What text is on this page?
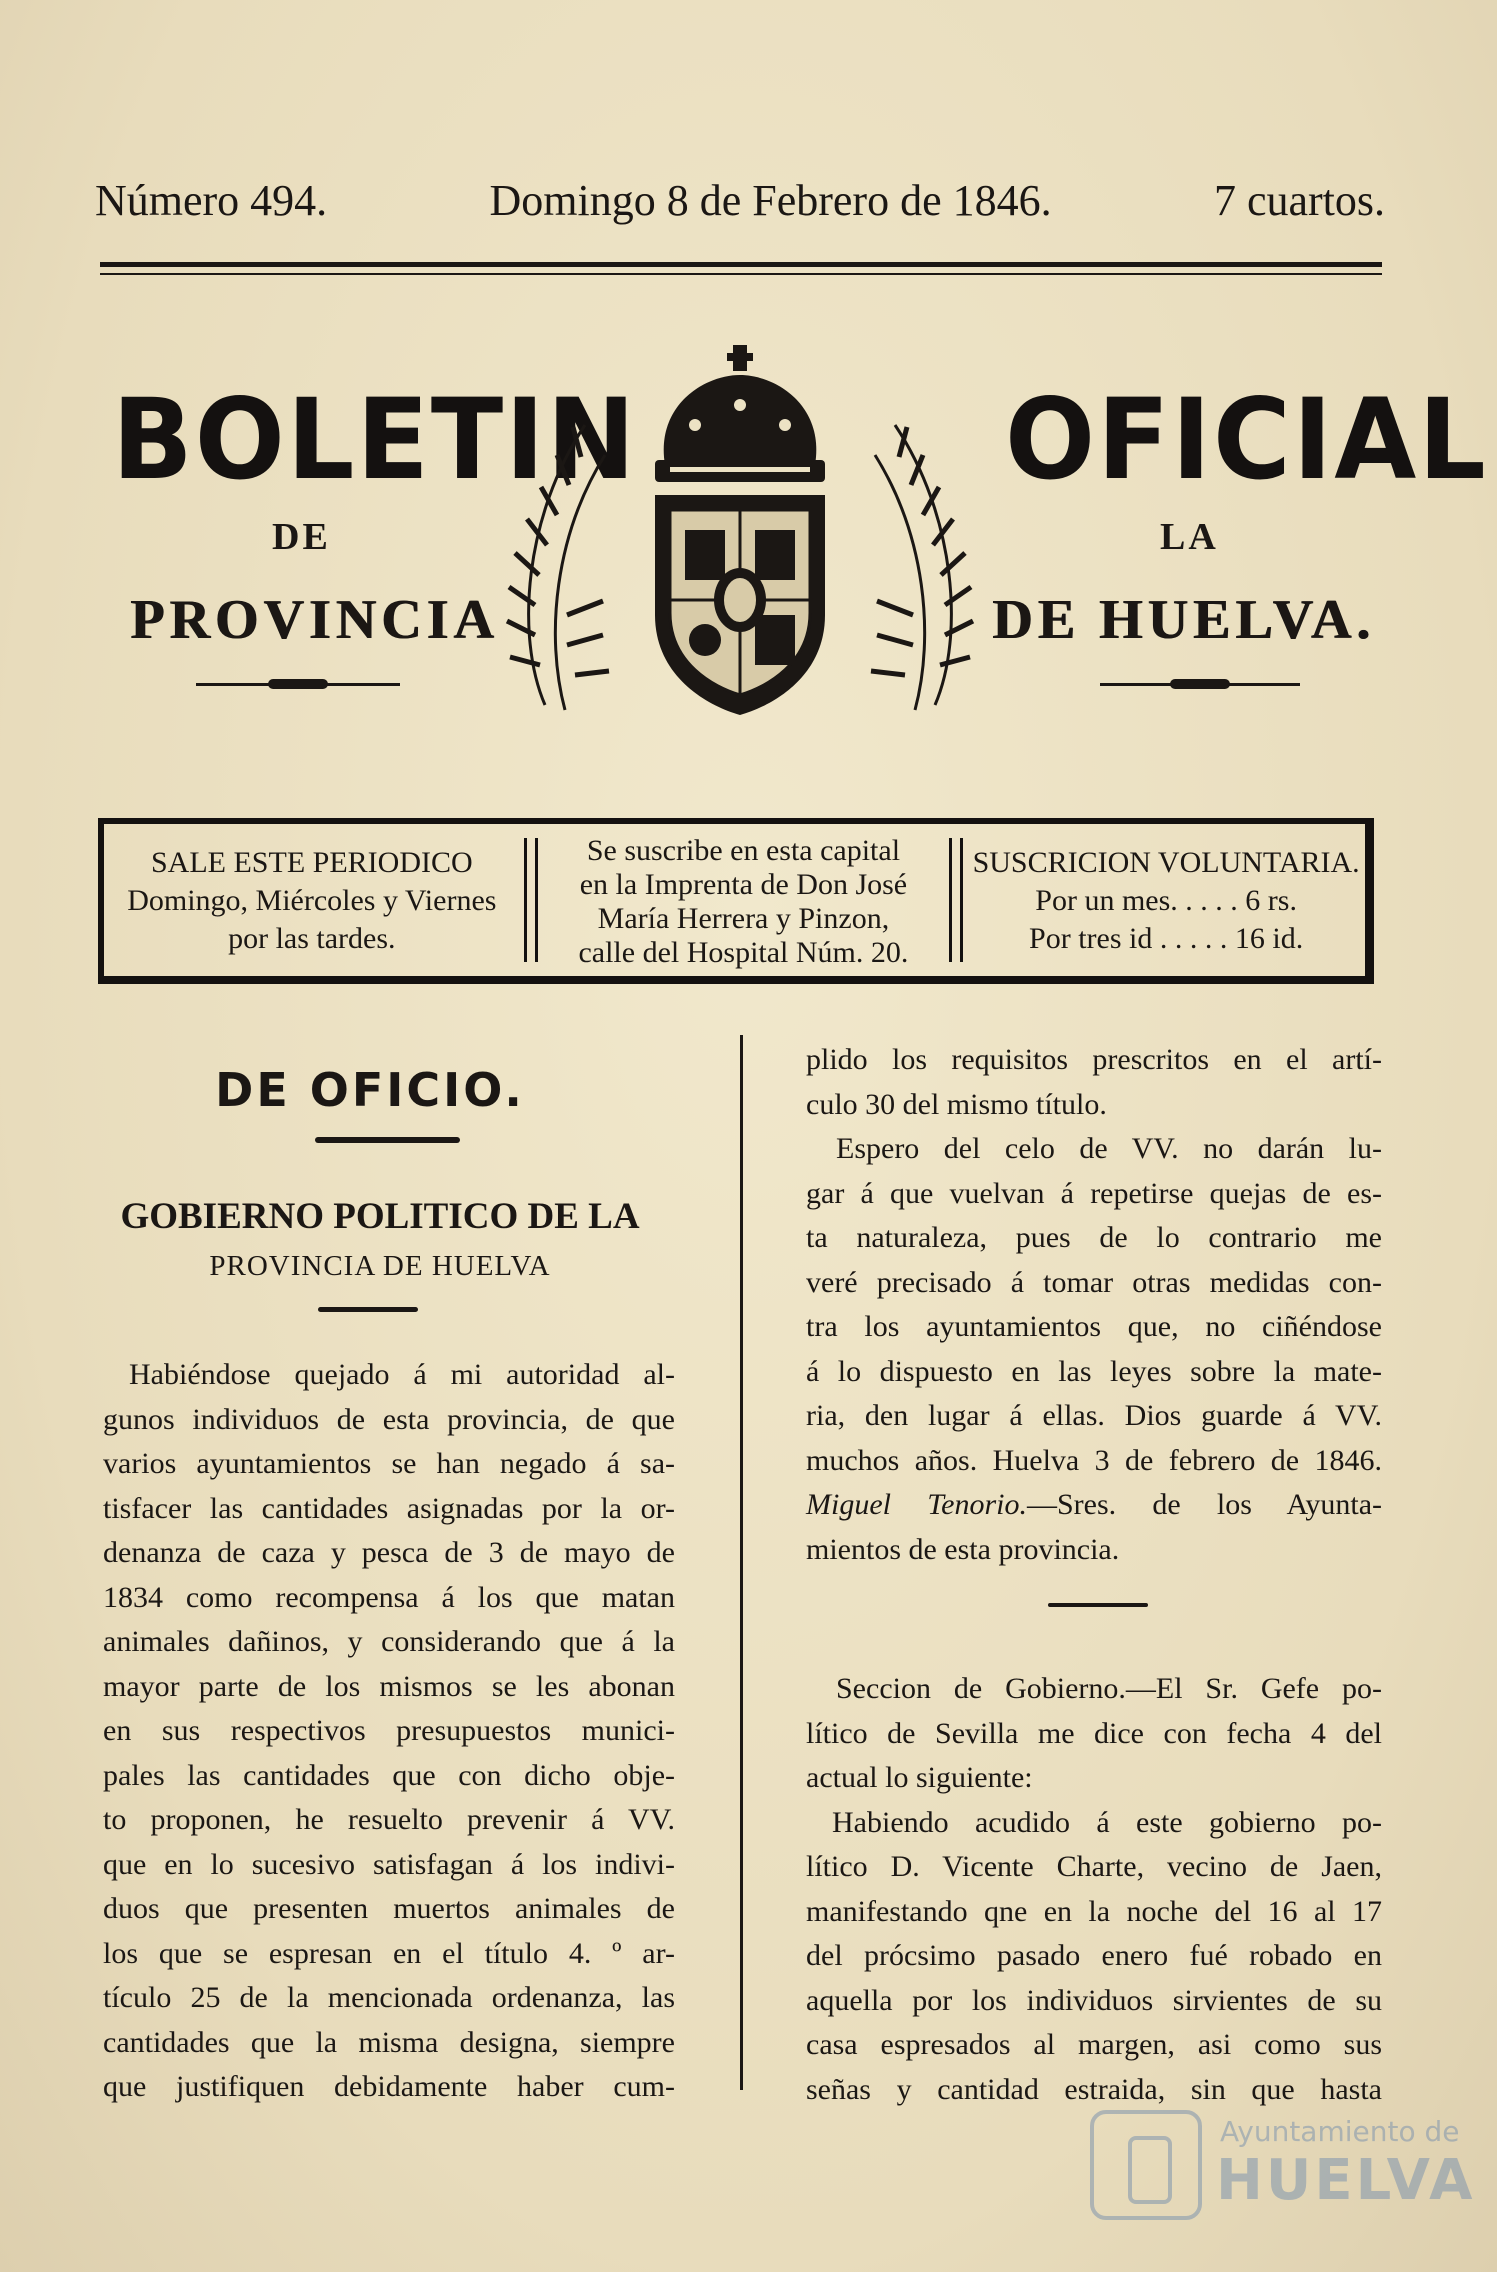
Número 494.	Domingo 8 de Febrero de 1846.	7 cuartos.
BOLETIN
DE
PROVINCIA
OFICIAL
LA
DE HUELVA.
SALE ESTE PERIODICO
Domingo, Miércoles y Viernes
por las tardes.
Se suscribe en esta capital
en la Imprenta de Don José
María Herrera y Pinzon,
calle del Hospital Núm. 20.
SUSCRICION VOLUNTARIA.
Por un mes. . . . . 6 rs.
Por tres id . . . . . 16 id.
DE OFICIO.
GOBIERNO POLITICO DE LA
PROVINCIA DE HUELVA
Habiéndose quejado á mi autoridad al-
gunos individuos de esta provincia, de que
varios ayuntamientos se han negado á sa-
tisfacer las cantidades asignadas por la or-
denanza de caza y pesca de 3 de mayo de
1834 como recompensa á los que matan
animales dañinos, y considerando que á la
mayor parte de los mismos se les abonan
en sus respectivos presupuestos munici-
pales las cantidades que con dicho obje-
to proponen, he resuelto prevenir á VV.
que en lo sucesivo satisfagan á los indivi-
duos que presenten muertos animales de
los que se espresan en el título 4. º ar-
tículo 25 de la mencionada ordenanza, las
cantidades que la misma designa, siempre
que justifiquen debidamente haber cum-
plido los requisitos prescritos en el artí-
culo 30 del mismo título.
Espero del celo de VV. no darán lu-
gar á que vuelvan á repetirse quejas de es-
ta naturaleza, pues de lo contrario me
veré precisado á tomar otras medidas con-
tra los ayuntamientos que, no ciñéndose
á lo dispuesto en las leyes sobre la mate-
ria, den lugar á ellas. Dios guarde á VV.
muchos años. Huelva 3 de febrero de 1846.
Miguel Tenorio.—Sres. de los Ayunta-
mientos de esta provincia.
Seccion de Gobierno.—El Sr. Gefe po-
lítico de Sevilla me dice con fecha 4 del
actual lo siguiente:
Habiendo acudido á este gobierno po-
lítico D. Vicente Charte, vecino de Jaen,
manifestando qne en la noche del 16 al 17
del prócsimo pasado enero fué robado en
aquella por los individuos sirvientes de su
casa espresados al margen, asi como sus
señas y cantidad estraida, sin que hasta
Ayuntamiento de
HUELVA
